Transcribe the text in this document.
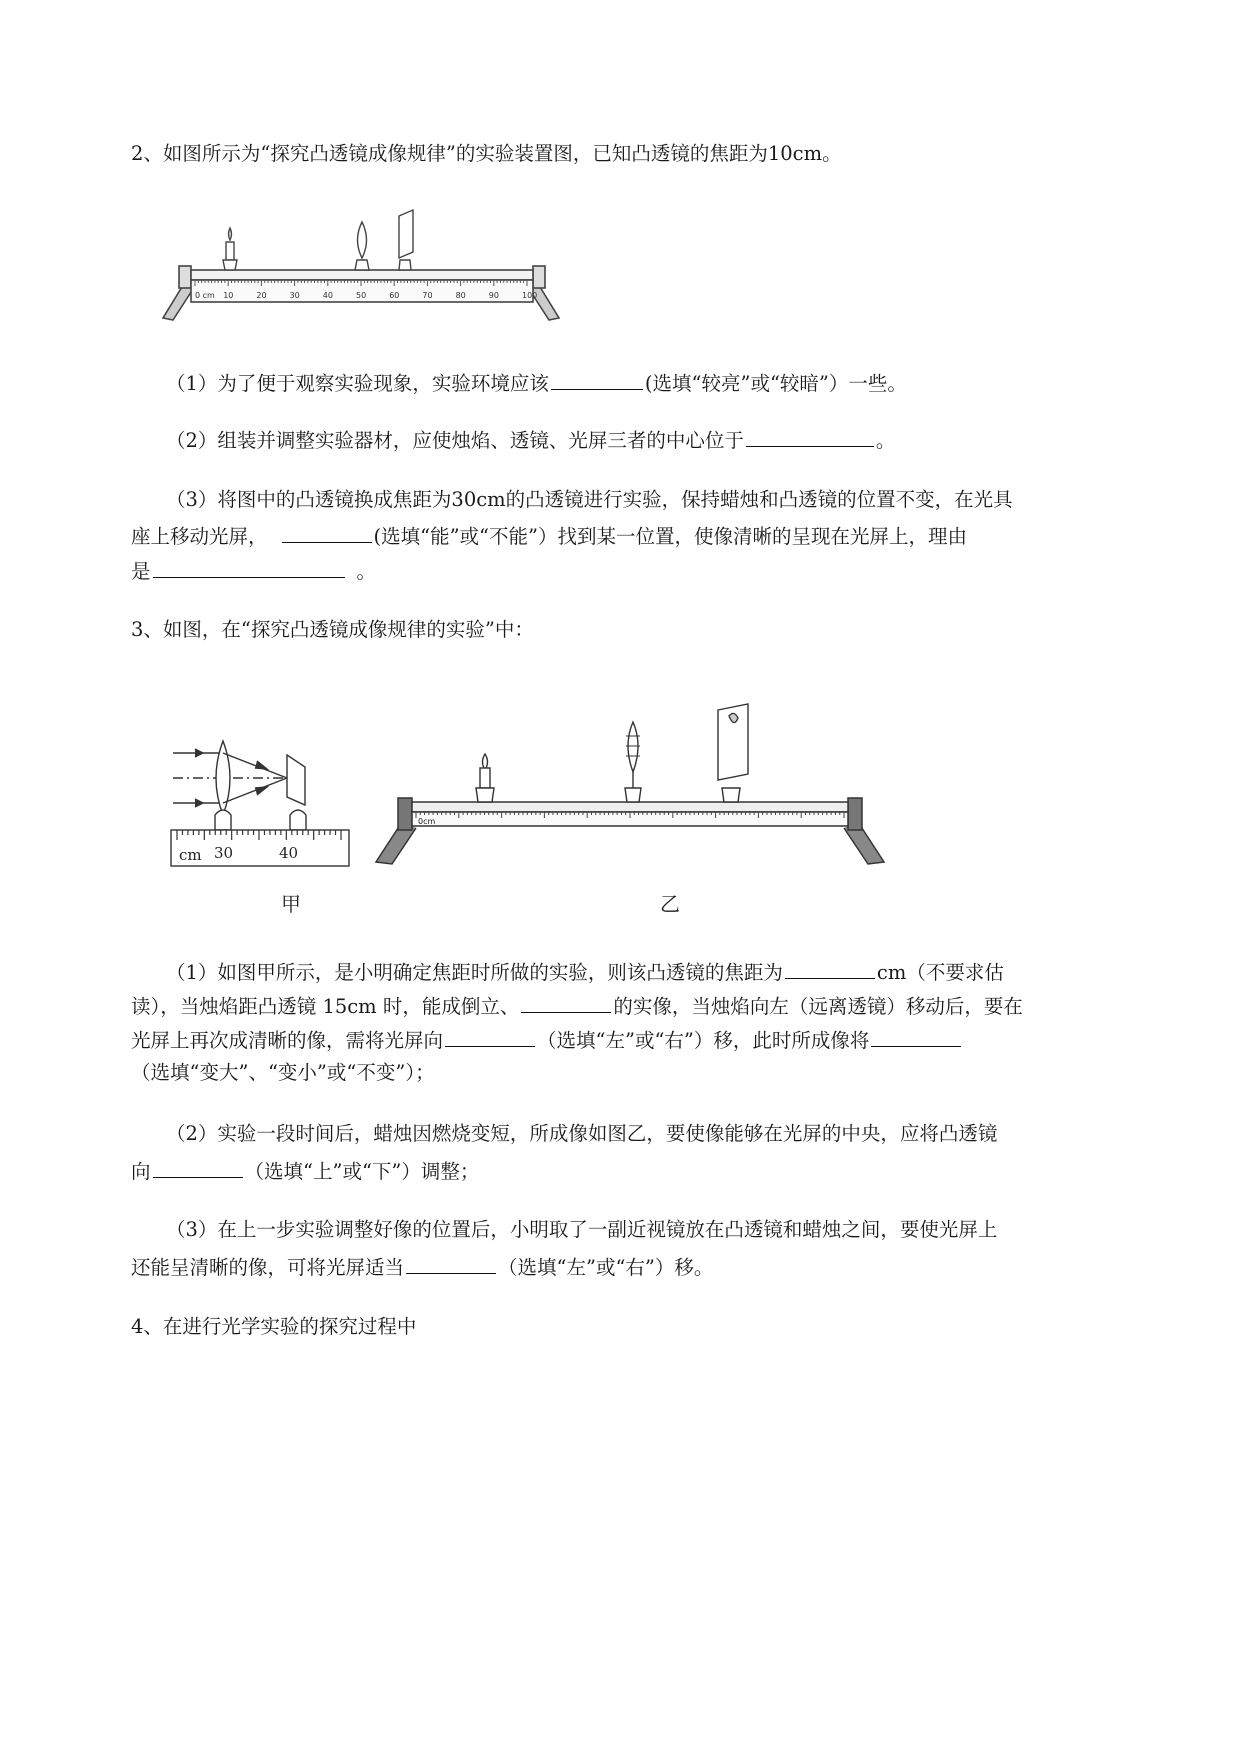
2、如图所示为“探究凸透镜成像规律”的实验装置图，已知凸透镜的焦距为10cm。
0 cm 10	20	30	40	50	60	70	80	90	100
（1）为了便于观察实验现象，实验环境应该	(选填“较亮”或“较暗”）一些。
（2）组装并调整实验器材，应使烛焰、透镜、光屏三者的中心位于	。
（3）将图中的凸透镜换成焦距为30cm的凸透镜进行实验，保持蜡烛和凸透镜的位置不变，在光具
座上移动光屏，	(选填“能”或“不能”）找到某一位置，使像清晰的呈现在光屏上，理由
是	。
3、如图，在“探究凸透镜成像规律的实验”中：
cm 30	40
甲
0cm
乙
（1）如图甲所示，是小明确定焦距时所做的实验，则该凸透镜的焦距为	cm（不要求估
读），当烛焰距凸透镜 15cm 时，能成倒立、	的实像，当烛焰向左（远离透镜）移动后，要在
光屏上再次成清晰的像，需将光屏向	（选填“左”或“右”）移，此时所成像将
（选填“变大”、“变小”或“不变”）；
（2）实验一段时间后，蜡烛因燃烧变短，所成像如图乙，要使像能够在光屏的中央，应将凸透镜
向	（选填“上”或“下”）调整；
（3）在上一步实验调整好像的位置后，小明取了一副近视镜放在凸透镜和蜡烛之间，要使光屏上
还能呈清晰的像，可将光屏适当	（选填“左”或“右”）移。
4、在进行光学实验的探究过程中
